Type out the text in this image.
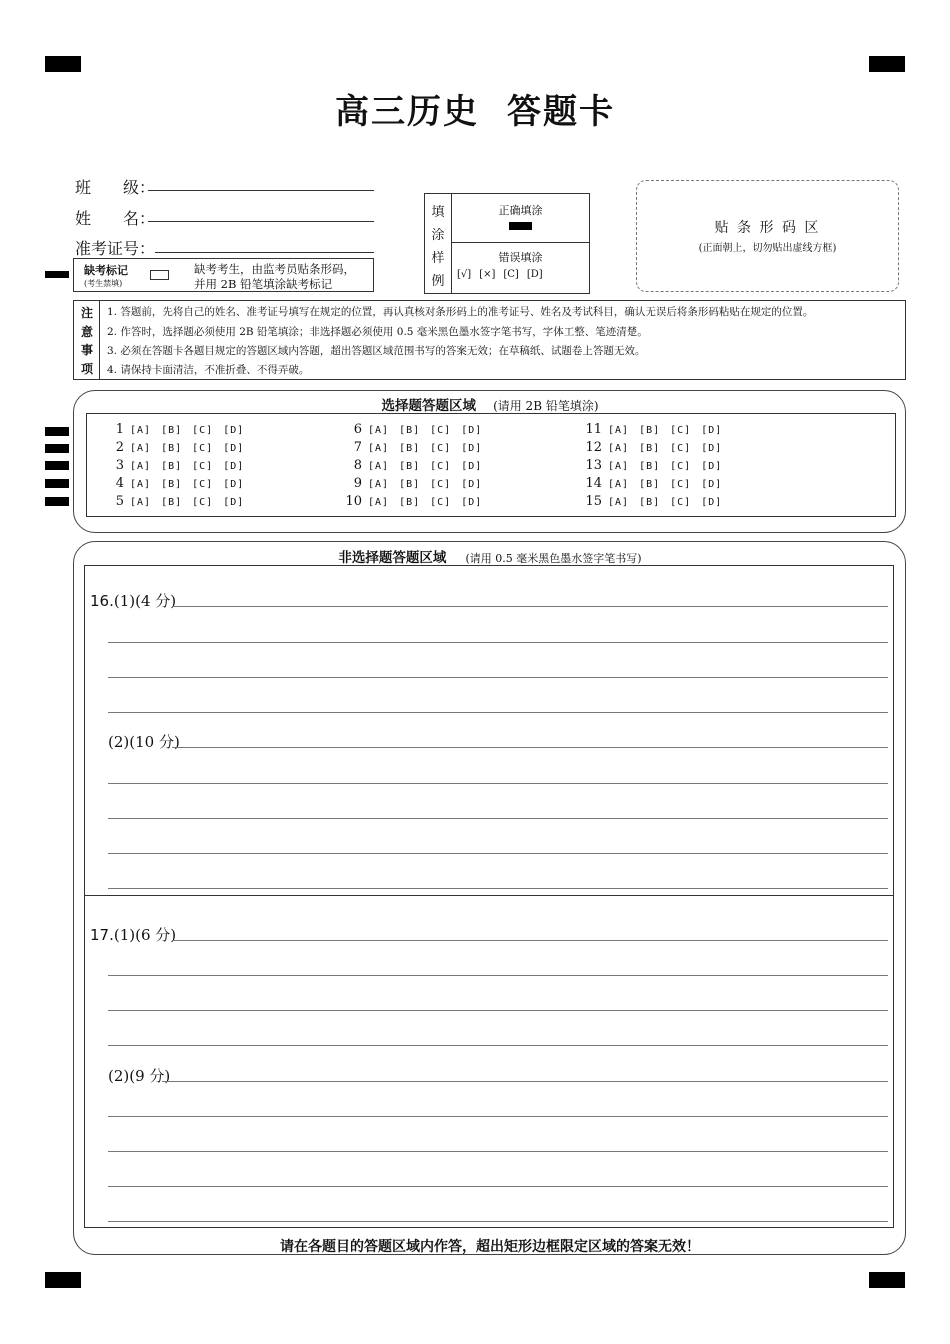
高三历史 答题卡
班　　级：
姓　　名：
准考证号：
缺考标记
(考生禁填)
缺考考生，由监考员贴条形码，
并用 2B 铅笔填涂缺考标记
填
涂
样
例
正确填涂
错误填涂
[√] [×] [C] [D]
贴 条 形 码 区
(正面朝上，切勿贴出虚线方框)
注
意
事
项
1. 答题前，先将自己的姓名、准考证号填写在规定的位置，再认真核对条形码上的准考证号、姓名及考试科目，确认无误后将条形码粘贴在规定的位置。
2. 作答时，选择题必须使用 2B 铅笔填涂；非选择题必须使用 0.5 毫米黑色墨水签字笔书写，字体工整、笔迹清楚。
3. 必须在答题卡各题目规定的答题区域内答题，超出答题区域范围书写的答案无效；在草稿纸、试题卷上答题无效。
4. 请保持卡面清洁，不准折叠、不得弄破。
选择题答题区域 (请用 2B 铅笔填涂)
1 [A] [B] [C] [D]
2 [A] [B] [C] [D]
3 [A] [B] [C] [D]
4 [A] [B] [C] [D]
5 [A] [B] [C] [D]
6 [A] [B] [C] [D]
7 [A] [B] [C] [D]
8 [A] [B] [C] [D]
9 [A] [B] [C] [D]
10 [A] [B] [C] [D]
11 [A] [B] [C] [D]
12 [A] [B] [C] [D]
13 [A] [B] [C] [D]
14 [A] [B] [C] [D]
15 [A] [B] [C] [D]
非选择题答题区域 (请用 0.5 毫米黑色墨水签字笔书写)
16.(1)(4 分)
(2)(10 分)
17.(1)(6 分)
(2)(9 分)
请在各题目的答题区域内作答，超出矩形边框限定区域的答案无效！
